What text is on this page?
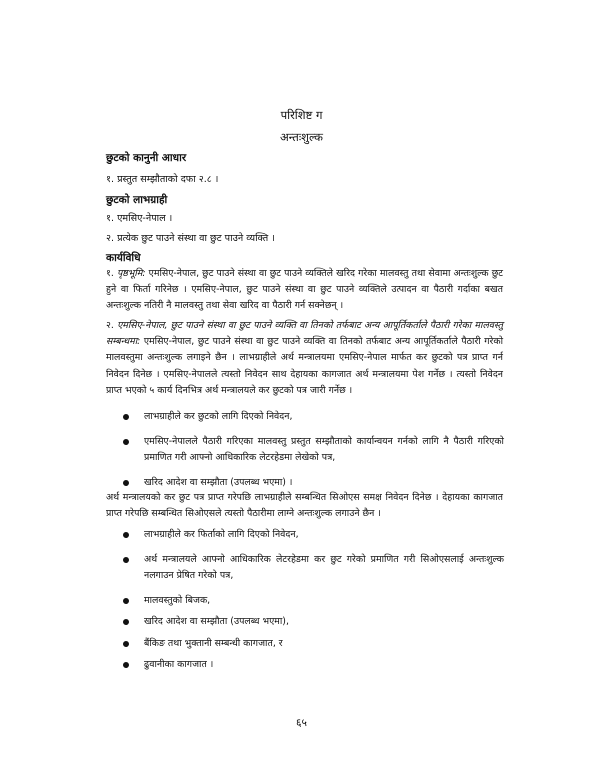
परिशिष्ट ग
अन्तःशुल्क
छुटको कानुनी आधार
१. प्रस्तुत सम्झौताको दफा २.८ ।
छुटको लाभग्राही
१. एमसिए-नेपाल ।
२. प्रत्येक छुट पाउने संस्था वा छुट पाउने व्यक्ति ।
कार्यविधि
१. पृष्ठभूमि: एमसिए-नेपाल, छुट पाउने संस्था वा छुट पाउने व्यक्तिले खरिद गरेका मालवस्तु तथा सेवामा अन्तःशुल्क छुट हुने वा फिर्ता गरिनेछ । एमसिए-नेपाल, छुट पाउने संस्था वा छुट पाउने व्यक्तिले उत्पादन वा पैठारी गर्दाका बखत अन्तःशुल्क नतिरी नै मालवस्तु तथा सेवा खरिद वा पैठारी गर्न सक्नेछन् ।
२. एमसिए-नेपाल, छुट पाउने संस्था वा छुट पाउने व्यक्ति वा तिनको तर्फबाट अन्य आपूर्तिकर्ताले पैठारी गरेका मालवस्तु सम्बन्धमा: एमसिए-नेपाल, छुट पाउने संस्था वा छुट पाउने व्यक्ति वा तिनको तर्फबाट अन्य आपूर्तिकर्ताले पैठारी गरेको मालवस्तुमा अन्तःशुल्क लगाइने छैन । लाभग्राहीले अर्थ मन्त्रालयमा एमसिए-नेपाल मार्फत कर छुटको पत्र प्राप्त गर्न निवेदन दिनेछ । एमसिए-नेपालले त्यस्तो निवेदन साथ देहायका कागजात अर्थ मन्त्रालयमा पेश गर्नेछ । त्यस्तो निवेदन प्राप्त भएको ५ कार्य दिनभित्र अर्थ मन्त्रालयले कर छुटको पत्र जारी गर्नेछ ।
लाभग्राहीले कर छुटको लागि दिएको निवेदन,
एमसिए-नेपालले पैठारी गरिएका मालवस्तु प्रस्तुत सम्झौताको कार्यान्वयन गर्नको लागि नै पैठारी गरिएको प्रमाणित गरी आफ्नो आधिकारिक लेटरहेडमा लेखेको पत्र,
खरिद आदेश वा सम्झौता (उपलब्ध भएमा) ।
अर्थ मन्त्रालयको कर छुट पत्र प्राप्त गरेपछि लाभग्राहीले सम्बन्धित सिओएस समक्ष निवेदन दिनेछ । देहायका कागजात प्राप्त गरेपछि सम्बन्धित सिओएसले त्यस्तो पैठारीमा लाग्ने अन्तःशुल्क लगाउने छैन ।
लाभग्राहीले कर फिर्ताको लागि दिएको निवेदन,
अर्थ मन्त्रालयले आफ्नो आधिकारिक लेटरहेडमा कर छुट गरेको प्रमाणित गरी सिओएसलाई अन्तःशुल्क नलगाउन प्रेषित गरेको पत्र,
मालवस्तुको बिजक,
खरिद आदेश वा सम्झौता (उपलब्ध भएमा),
बैंकिङ तथा भुक्तानी सम्बन्धी कागजात, र
ढुवानीका कागजात ।
६५
